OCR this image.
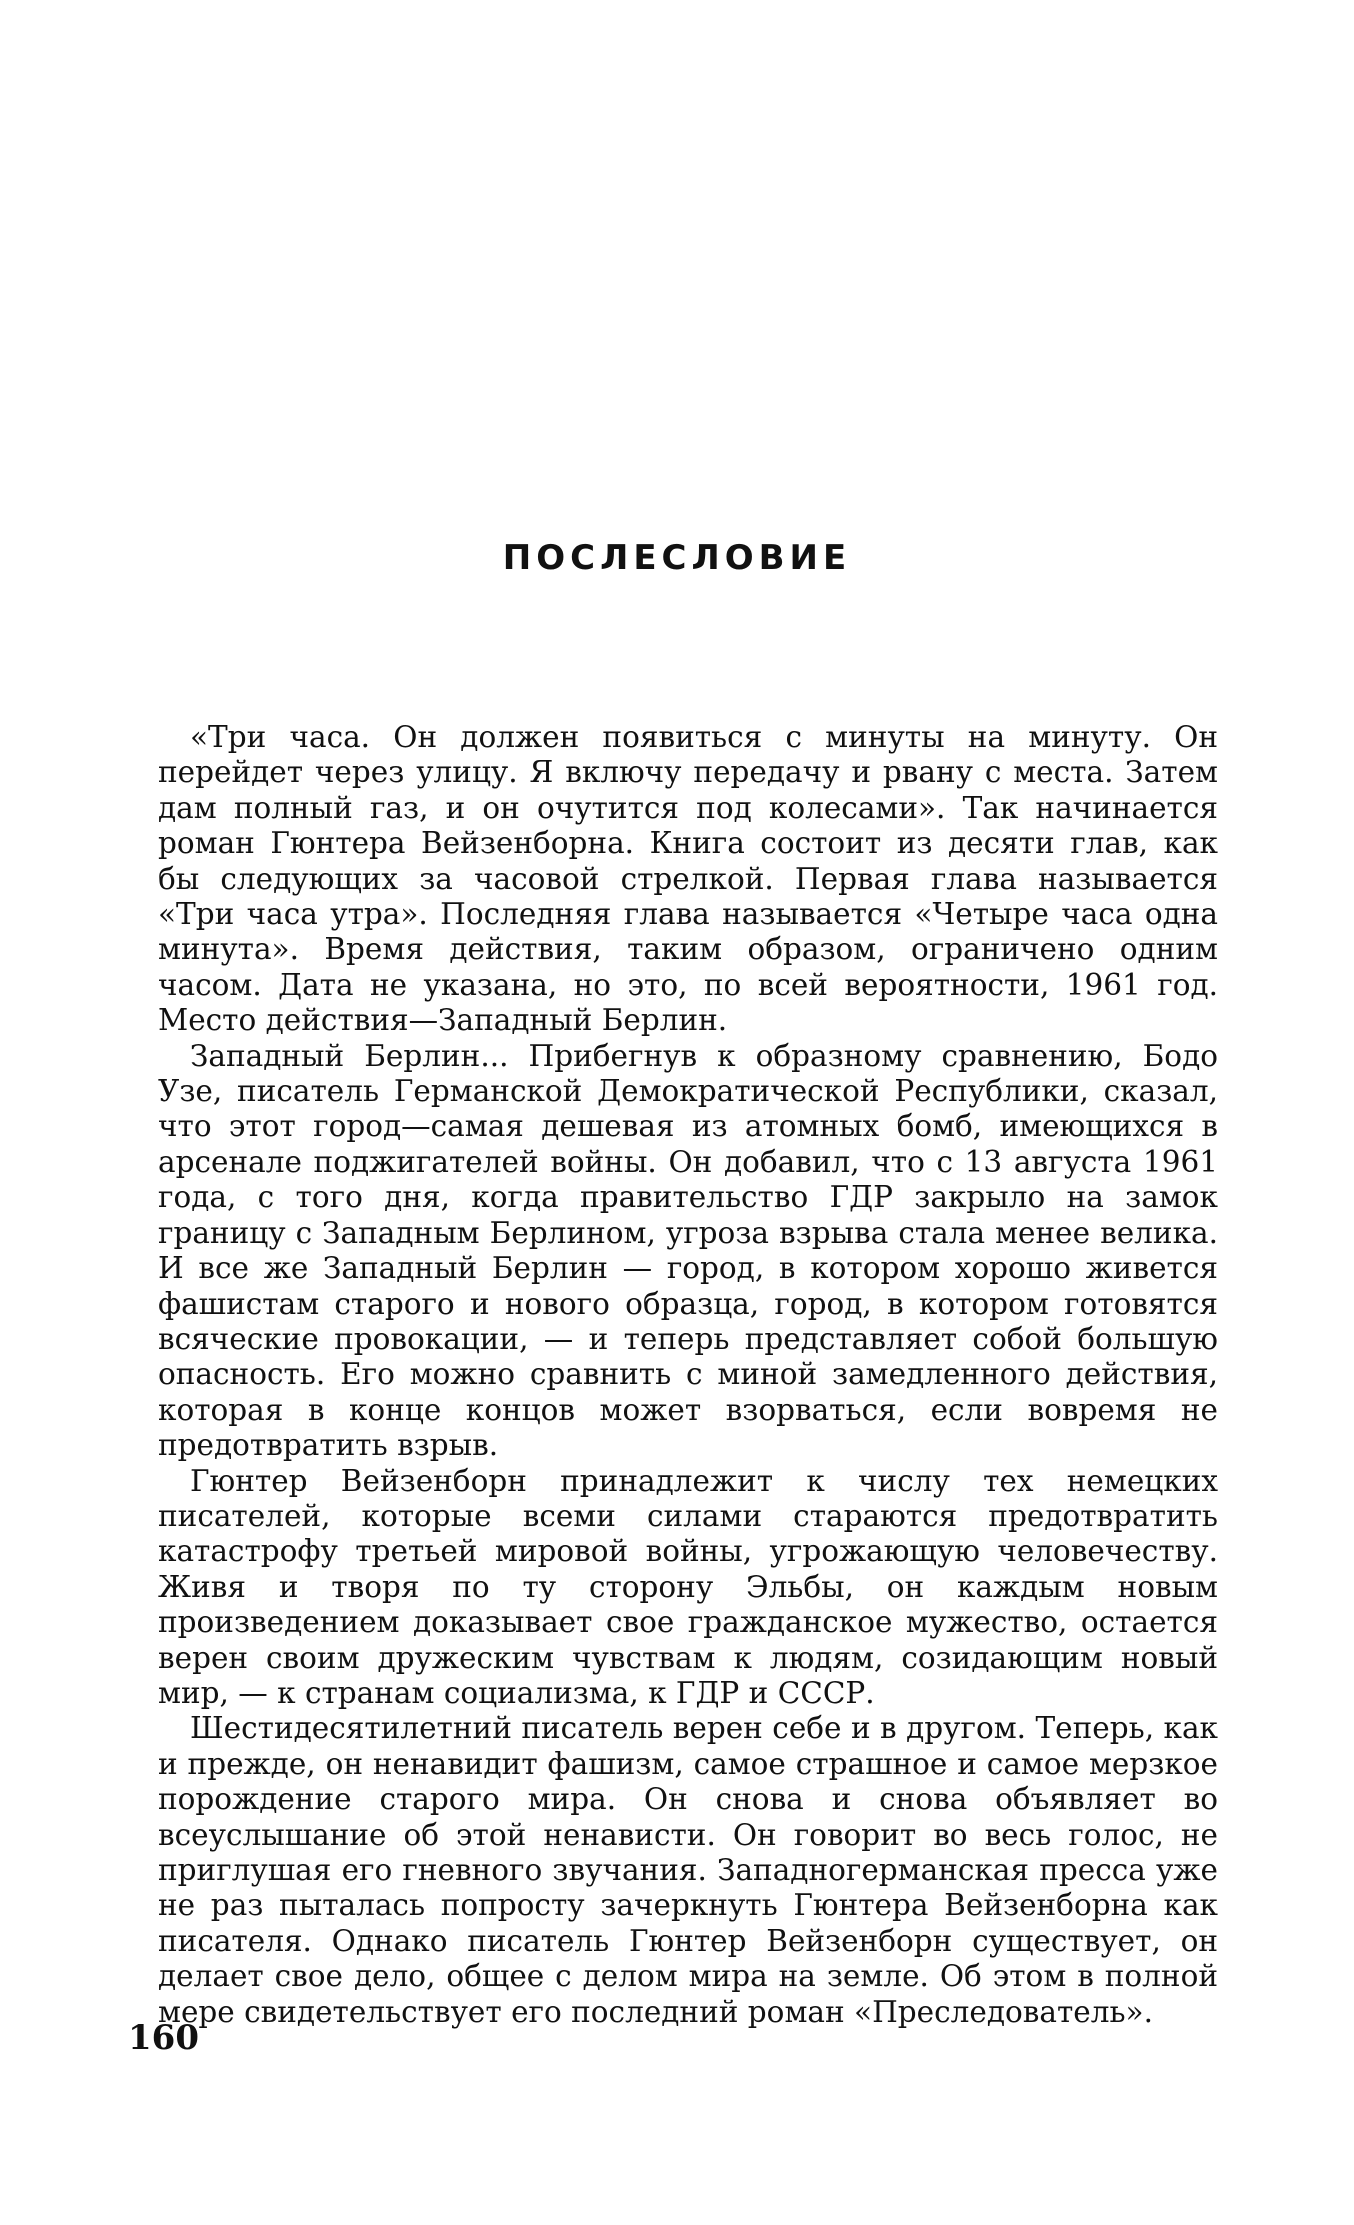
ПОСЛЕСЛОВИЕ

«Три часа. Он должен появиться с минуты на минуту. Он перейдет через улицу. Я включу передачу и рвану с места. Затем дам полный газ, и он очутится под колесами». Так начинается роман Гюнтера Вейзенборна. Книга состоит из десяти глав, как бы следующих за часовой стрелкой. Первая глава называется «Три часа утра». Последняя глава называется «Четыре часа одна минута». Время действия, таким образом, ограничено одним часом. Дата не указана, но это, по всей вероятности, 1961 год. Место действия—Западный Берлин.

Западный Берлин... Прибегнув к образному сравнению, Бодо Узе, писатель Германской Демократической Республики, сказал, что этот город—самая дешевая из атомных бомб, имеющихся в арсенале поджигателей войны. Он добавил, что с 13 августа 1961 года, с того дня, когда правительство ГДР закрыло на замок границу с Западным Берлином, угроза взрыва стала менее велика. И все же Западный Берлин — город, в котором хорошо живется фашистам старого и нового образца, город, в котором готовятся всяческие провокации, — и теперь представляет собой большую опасность. Его можно сравнить с миной замедленного действия, которая в конце концов может взорваться, если вовремя не предотвратить взрыв.

Гюнтер Вейзенборн принадлежит к числу тех немецких писателей, которые всеми силами стараются предотвратить катастрофу третьей мировой войны, угрожающую человечеству. Живя и творя по ту сторону Эльбы, он каждым новым произведением доказывает свое гражданское мужество, остается верен своим дружеским чувствам к людям, созидающим новый мир, — к странам социализма, к ГДР и СССР.

Шестидесятилетний писатель верен себе и в другом. Теперь, как и прежде, он ненавидит фашизм, самое страшное и самое мерзкое порождение старого мира. Он снова и снова объявляет во всеуслышание об этой ненависти. Он говорит во весь голос, не приглушая его гневного звучания. Западногерманская пресса уже не раз пыталась попросту зачеркнуть Гюнтера Вейзенборна как писателя. Однако писатель Гюнтер Вейзенборн существует, он делает свое дело, общее с делом мира на земле. Об этом в полной мере свидетельствует его последний роман «Преследователь».

160
